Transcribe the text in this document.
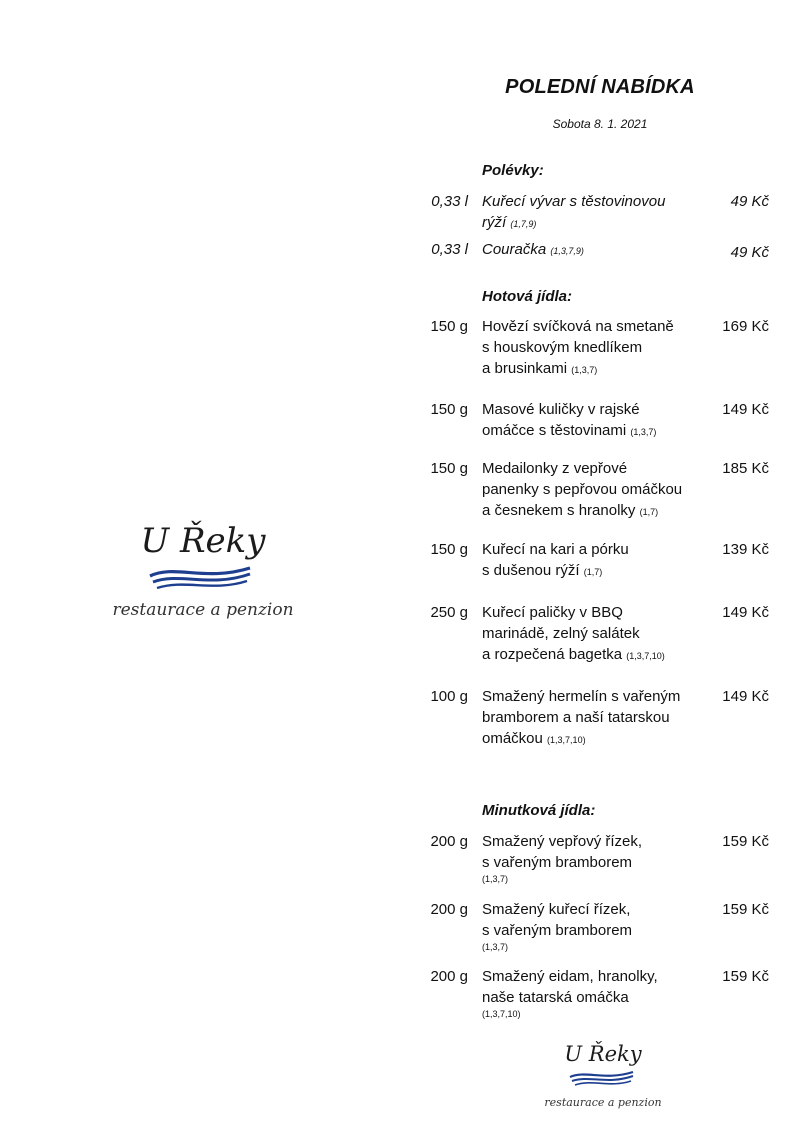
POLEDNÍ NABÍDKA
Sobota 8. 1. 2021
Polévky:
0,33 l Kuřecí vývar s těstovinovou
rýží (1,7,9)
49 Kč
0,33 l Couračka (1,3,7,9)	49 Kč
Hotová jídla:
150 g Hovězí svíčková na smetaně
s houskovým knedlíkem
a brusinkami (1,3,7)
169 Kč
150 g Masové kuličky v rajské
omáčce s těstovinami (1,3,7)
149 Kč
150 g Medailonky z vepřové
panenky s pepřovou omáčkou
a česnekem s hranolky (1,7)
185 Kč
150 g Kuřecí na kari a pórku
s dušenou rýží (1,7)
139 Kč
250 g Kuřecí paličky v BBQ
marinádě, zelný salátek
a rozpečená bagetka (1,3,7,10)
149 Kč
100 g Smažený hermelín s vařeným
bramborem a naší tatarskou
omáčkou (1,3,7,10)
149 Kč
Minutková jídla:
200 g Smažený vepřový řízek,
s vařeným bramborem
(1,3,7)
159 Kč
200 g Smažený kuřecí řízek,
s vařeným bramborem
(1,3,7)
159 Kč
200 g Smažený eidam, hranolky,
naše tatarská omáčka
(1,3,7,10)
159 Kč
U Řeky
restaurace a penzion
U Řeky
restaurace a penzion
